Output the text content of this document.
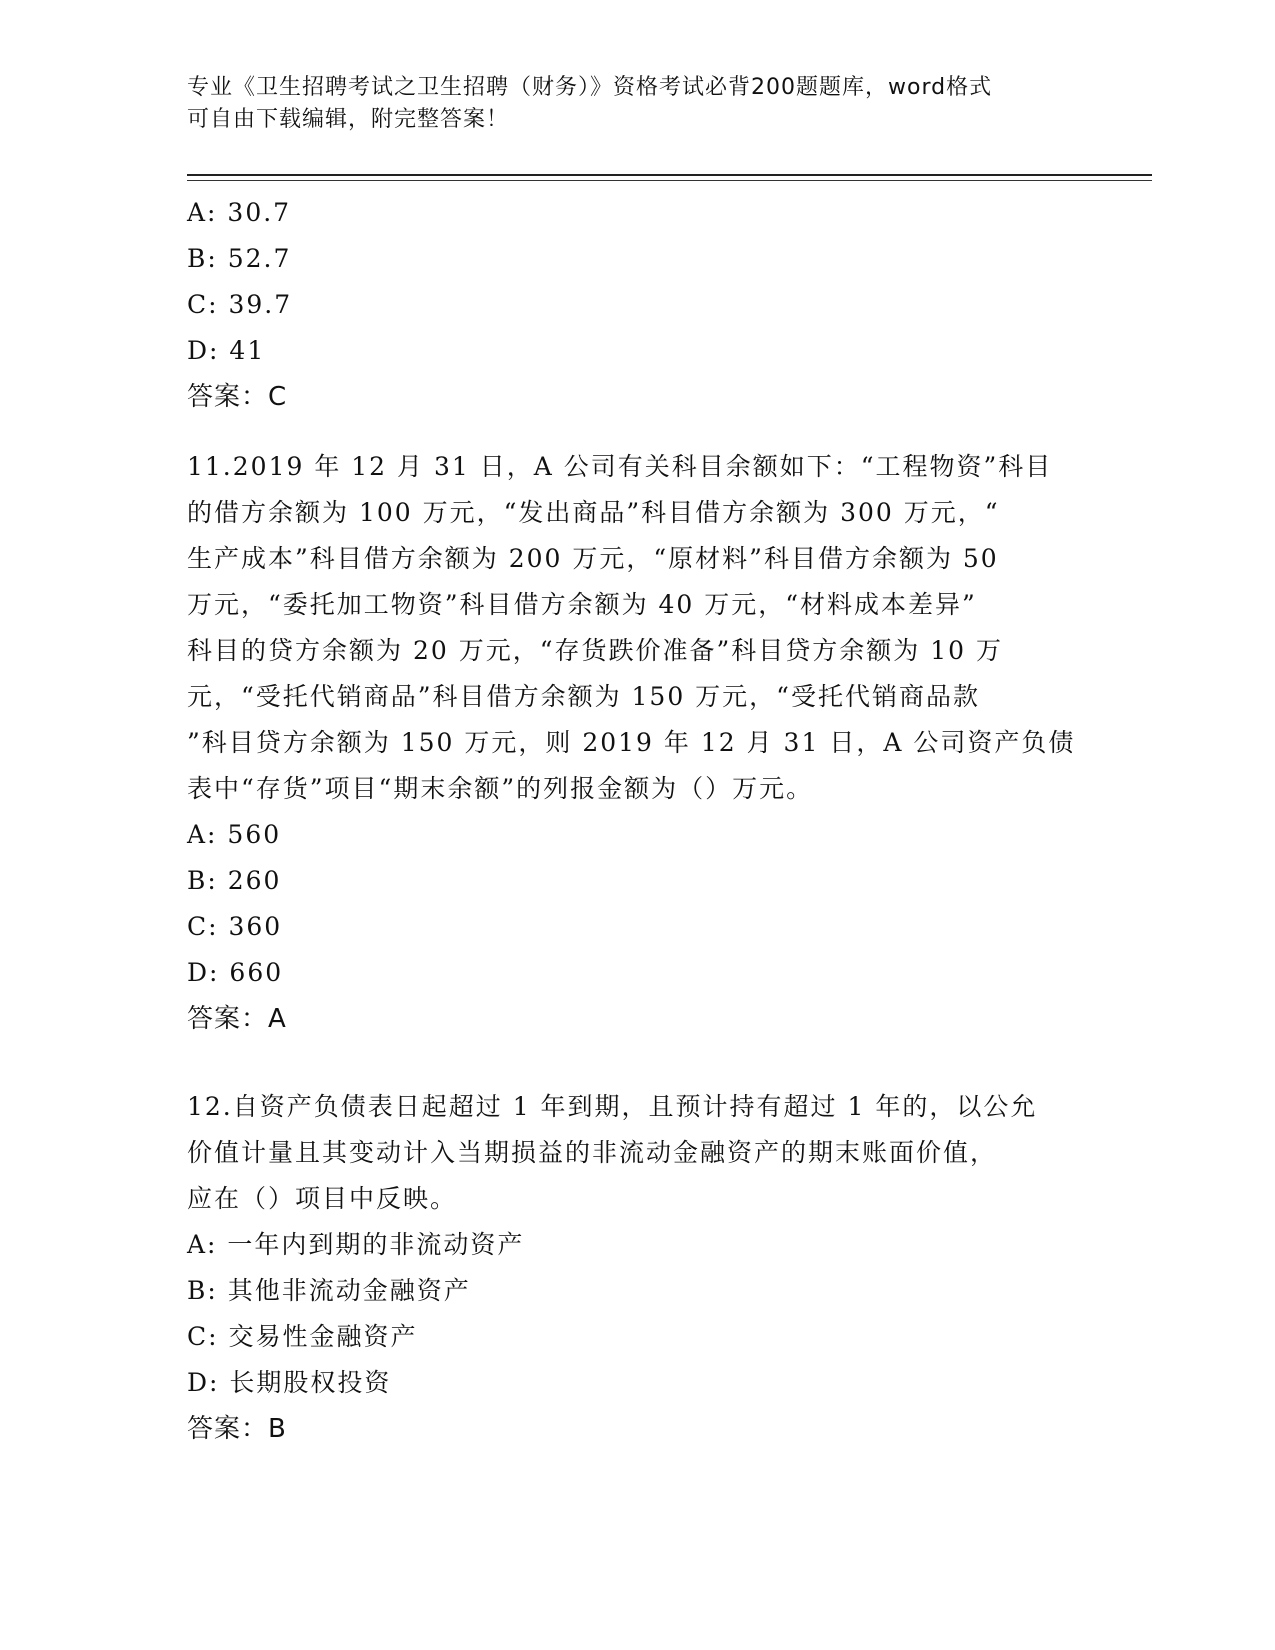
专业《卫生招聘考试之卫生招聘（财务）》资格考试必背200题题库，word格式
可自由下载编辑，附完整答案！
A: 30.7
B: 52.7
C: 39.7
D: 41
答案：C
11.2019 年 12 月 31 日，A 公司有关科目余额如下：“工程物资”科目
的借方余额为 100 万元，“发出商品”科目借方余额为 300 万元，“
生产成本”科目借方余额为 200 万元，“原材料”科目借方余额为 50
万元，“委托加工物资”科目借方余额为 40 万元，“材料成本差异”
科目的贷方余额为 20 万元，“存货跌价准备”科目贷方余额为 10 万
元，“受托代销商品”科目借方余额为 150 万元，“受托代销商品款
”科目贷方余额为 150 万元，则 2019 年 12 月 31 日，A 公司资产负债
表中“存货”项目“期末余额”的列报金额为（）万元。
A: 560
B: 260
C: 360
D: 660
答案：A
12.自资产负债表日起超过 1 年到期，且预计持有超过 1 年的，以公允
价值计量且其变动计入当期损益的非流动金融资产的期末账面价值，
应在（）项目中反映。
A: 一年内到期的非流动资产
B: 其他非流动金融资产
C: 交易性金融资产
D: 长期股权投资
答案：B
